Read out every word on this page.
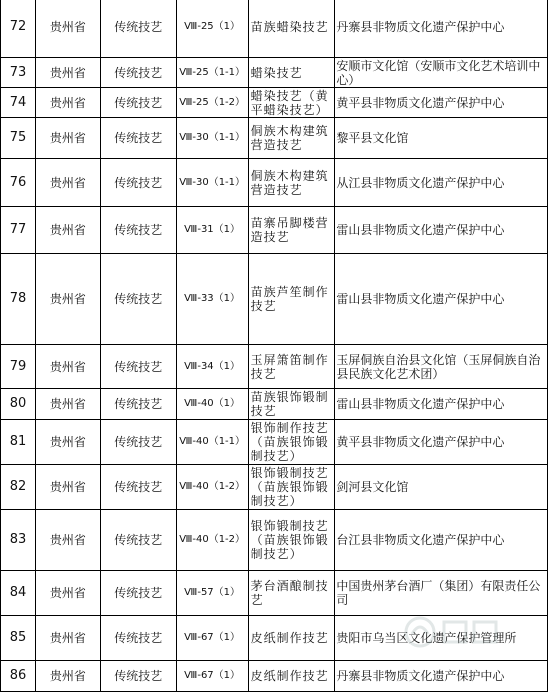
72	贵州省	传统技艺	Ⅷ-25（1）	苗族蜡染技艺	丹寨县非物质文化遗产保护中心
73	贵州省	传统技艺	Ⅷ-25（1-1）	蜡染技艺	安顺市文化馆（安顺市文化艺术培训中心）
74	贵州省	传统技艺	Ⅷ-25（1-2）	蜡染技艺（黄平蜡染技艺）	黄平县非物质文化遗产保护中心
75	贵州省	传统技艺	Ⅷ-30（1-1）	侗族木构建筑营造技艺	黎平县文化馆
76	贵州省	传统技艺	Ⅷ-30（1-1）	侗族木构建筑营造技艺	从江县非物质文化遗产保护中心
77	贵州省	传统技艺	Ⅷ-31（1）	苗寨吊脚楼营造技艺	雷山县非物质文化遗产保护中心
78	贵州省	传统技艺	Ⅷ-33（1）	苗族芦笙制作技艺	雷山县非物质文化遗产保护中心
79	贵州省	传统技艺	Ⅷ-34（1）	玉屏箫笛制作技艺	玉屏侗族自治县文化馆（玉屏侗族自治县民族文化艺术团）
80	贵州省	传统技艺	Ⅷ-40（1）	苗族银饰锻制技艺	雷山县非物质文化遗产保护中心
81	贵州省	传统技艺	Ⅷ-40（1-1）	银饰制作技艺（苗族银饰锻制技艺）	黄平县非物质文化遗产保护中心
82	贵州省	传统技艺	Ⅷ-40（1-2）	银饰锻制技艺（苗族银饰锻制技艺）	剑河县文化馆
83	贵州省	传统技艺	Ⅷ-40（1-2）	银饰锻制技艺（苗族银饰锻制技艺）	台江县非物质文化遗产保护中心
84	贵州省	传统技艺	Ⅷ-57（1）	茅台酒酿制技艺	中国贵州茅台酒厂（集团）有限责任公司
85	贵州省	传统技艺	Ⅷ-67（1）	皮纸制作技艺	贵阳市乌当区文化遗产保护管理所
86	贵州省	传统技艺	Ⅷ-67（1）	皮纸制作技艺	丹寨县非物质文化遗产保护中心
